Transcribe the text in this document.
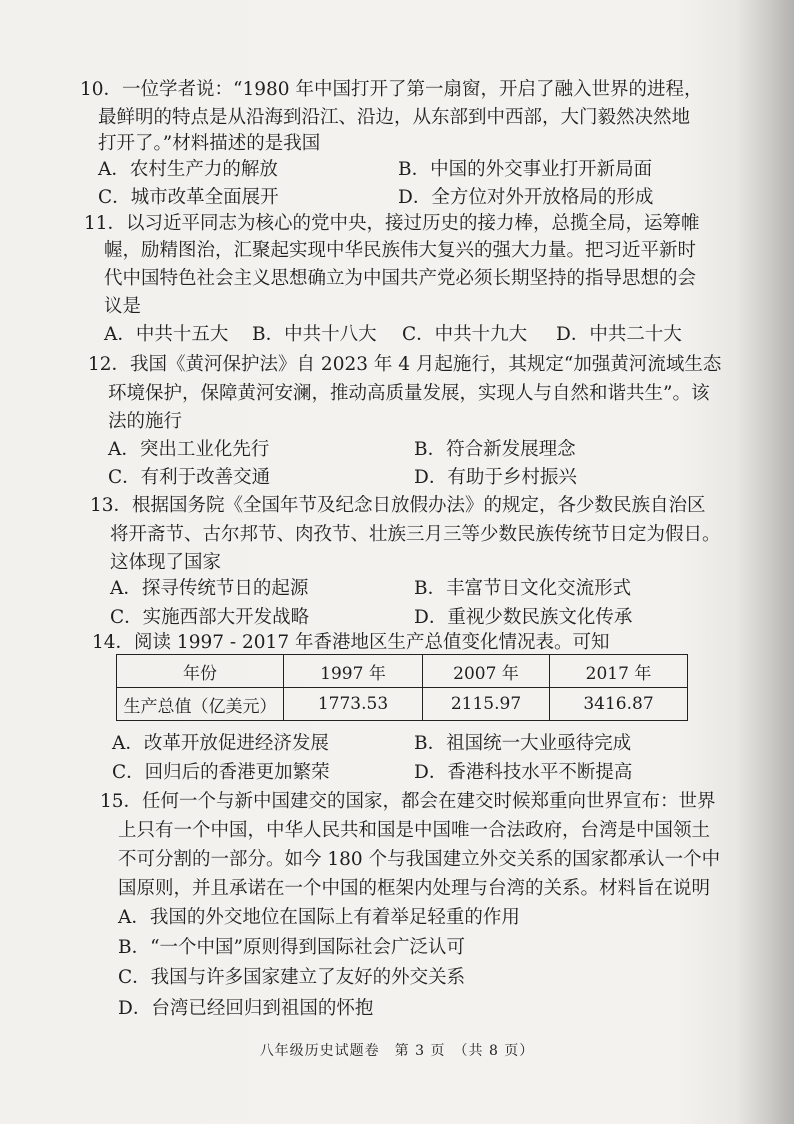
10．一位学者说：“1980 年中国打开了第一扇窗，开启了融入世界的进程，
最鲜明的特点是从沿海到沿江、沿边，从东部到中西部，大门毅然决然地
打开了。”材料描述的是我国
A．农村生产力的解放	B．中国的外交事业打开新局面
C．城市改革全面展开	D．全方位对外开放格局的形成
11．以习近平同志为核心的党中央，接过历史的接力棒，总揽全局，运筹帷
幄，励精图治，汇聚起实现中华民族伟大复兴的强大力量。把习近平新时
代中国特色社会主义思想确立为中国共产党必须长期坚持的指导思想的会
议是
A．中共十五大 B．中共十八大 C．中共十九大 D．中共二十大
12．我国《黄河保护法》自 2023 年 4 月起施行，其规定“加强黄河流域生态
环境保护，保障黄河安澜，推动高质量发展，实现人与自然和谐共生”。该
法的施行
A．突出工业化先行	B．符合新发展理念
C．有利于改善交通	D．有助于乡村振兴
13．根据国务院《全国年节及纪念日放假办法》的规定，各少数民族自治区
将开斋节、古尔邦节、肉孜节、壮族三月三等少数民族传统节日定为假日。
这体现了国家
A．探寻传统节日的起源	B．丰富节日文化交流形式
C．实施西部大开发战略	D．重视少数民族文化传承
14．阅读 1997 - 2017 年香港地区生产总值变化情况表。可知
年份	1997 年	2007 年	2017 年
生产总值（亿美元）	1773.53	2115.97	3416.87
A．改革开放促进经济发展	B．祖国统一大业亟待完成
C．回归后的香港更加繁荣	D．香港科技水平不断提高
15．任何一个与新中国建交的国家，都会在建交时候郑重向世界宣布：世界
上只有一个中国，中华人民共和国是中国唯一合法政府，台湾是中国领土
不可分割的一部分。如今 180 个与我国建立外交关系的国家都承认一个中
国原则，并且承诺在一个中国的框架内处理与台湾的关系。材料旨在说明
A．我国的外交地位在国际上有着举足轻重的作用
B．“一个中国”原则得到国际社会广泛认可
C．我国与许多国家建立了友好的外交关系
D．台湾已经回归到祖国的怀抱
八年级历史试题卷　第 3 页　（共 8 页）
